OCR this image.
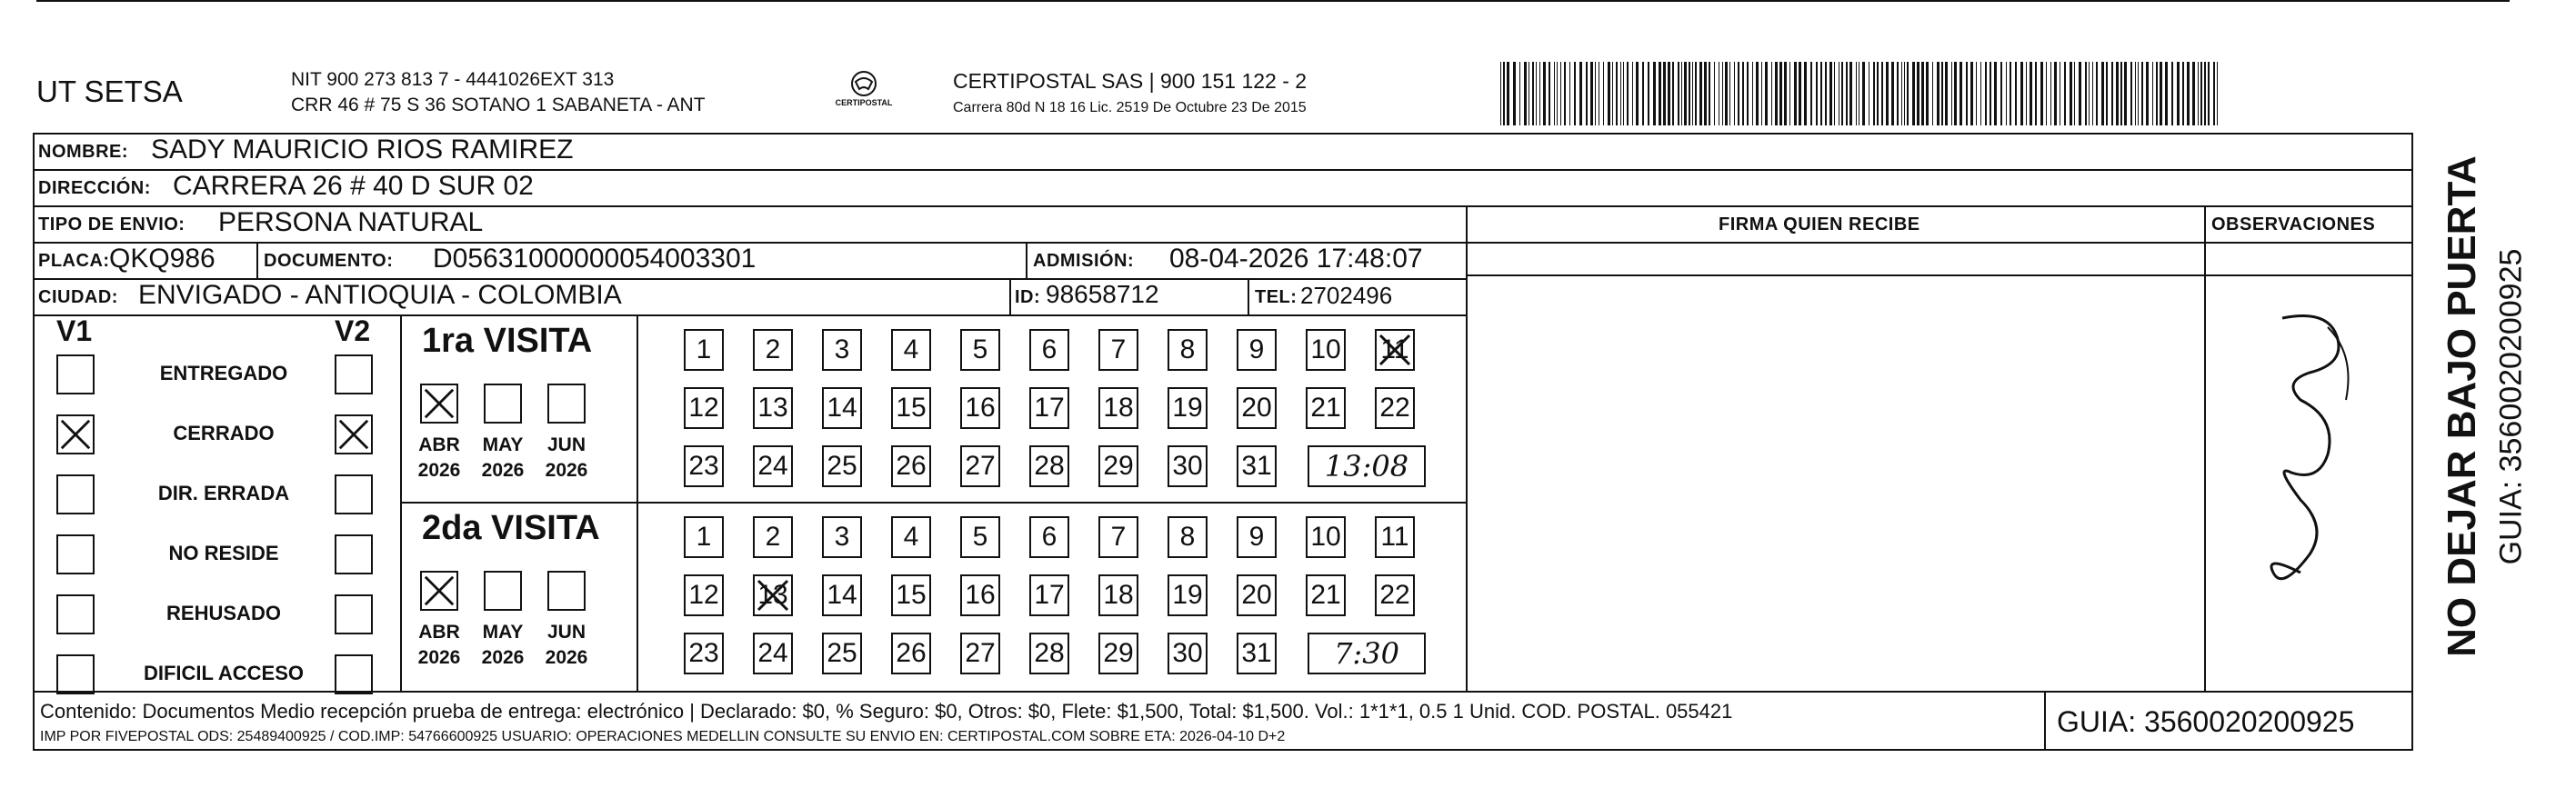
UT SETSA	NIT 900 273 813 7 - 4441026EXT 313
CRR 46 # 75 S 36 SOTANO 1 SABANETA - ANT	CERTIPOSTAL
CERTIPOSTAL SAS | 900 151 122 - 2
Carrera 80d N 18 16 Lic. 2519 De Octubre 23 De 2015
NOMBRE: SADY MAURICIO RIOS RAMIREZ
DIRECCIÓN: CARRERA 26 # 40 D SUR 02
TIPO DE ENVIO: PERSONA NATURAL	FIRMA QUIEN RECIBE	OBSERVACIONES
PLACA: QKQ986	DOCUMENTO: D05631000000054003301	ADMISIÓN: 08-04-2026 17:48:07
CIUDAD: ENVIGADO - ANTIOQUIA - COLOMBIA	ID: 98658712	TEL: 2702496
V1	V2
ENTREGADO
CERRADO
DIR. ERRADA
NO RESIDE
REHUSADO
DIFICIL ACCESO
1ra VISITA
ABR
2026
MAY
2026
JUN
2026
1	2	3	4	5	6	7	8	9	10 11
12 13 14 15 16 17 18 19 20 21 22
23 24 25 26 27 28 29 30 31	13:08
2da VISITA
ABR
2026
MAY
2026
JUN
2026
1	2	3	4	5	6	7	8	9	10 11
12 13 14 15 16 17 18 19 20 21 22
23 24 25 26 27 28 29 30 31	7:30
Contenido: Documentos Medio recepción prueba de entrega: electrónico | Declarado: $0, % Seguro: $0, Otros: $0, Flete: $1,500, Total: $1,500. Vol.: 1*1*1, 0.5 1 Unid. COD. POSTAL. 055421
IMP POR FIVEPOSTAL ODS: 25489400925 / COD.IMP: 54766600925 USUARIO: OPERACIONES MEDELLIN CONSULTE SU ENVIO EN: CERTIPOSTAL.COM SOBRE ETA: 2026-04-10 D+2	GUIA: 3560020200925
NO DEJAR BAJO PUERTA GUIA: 3560020200925
